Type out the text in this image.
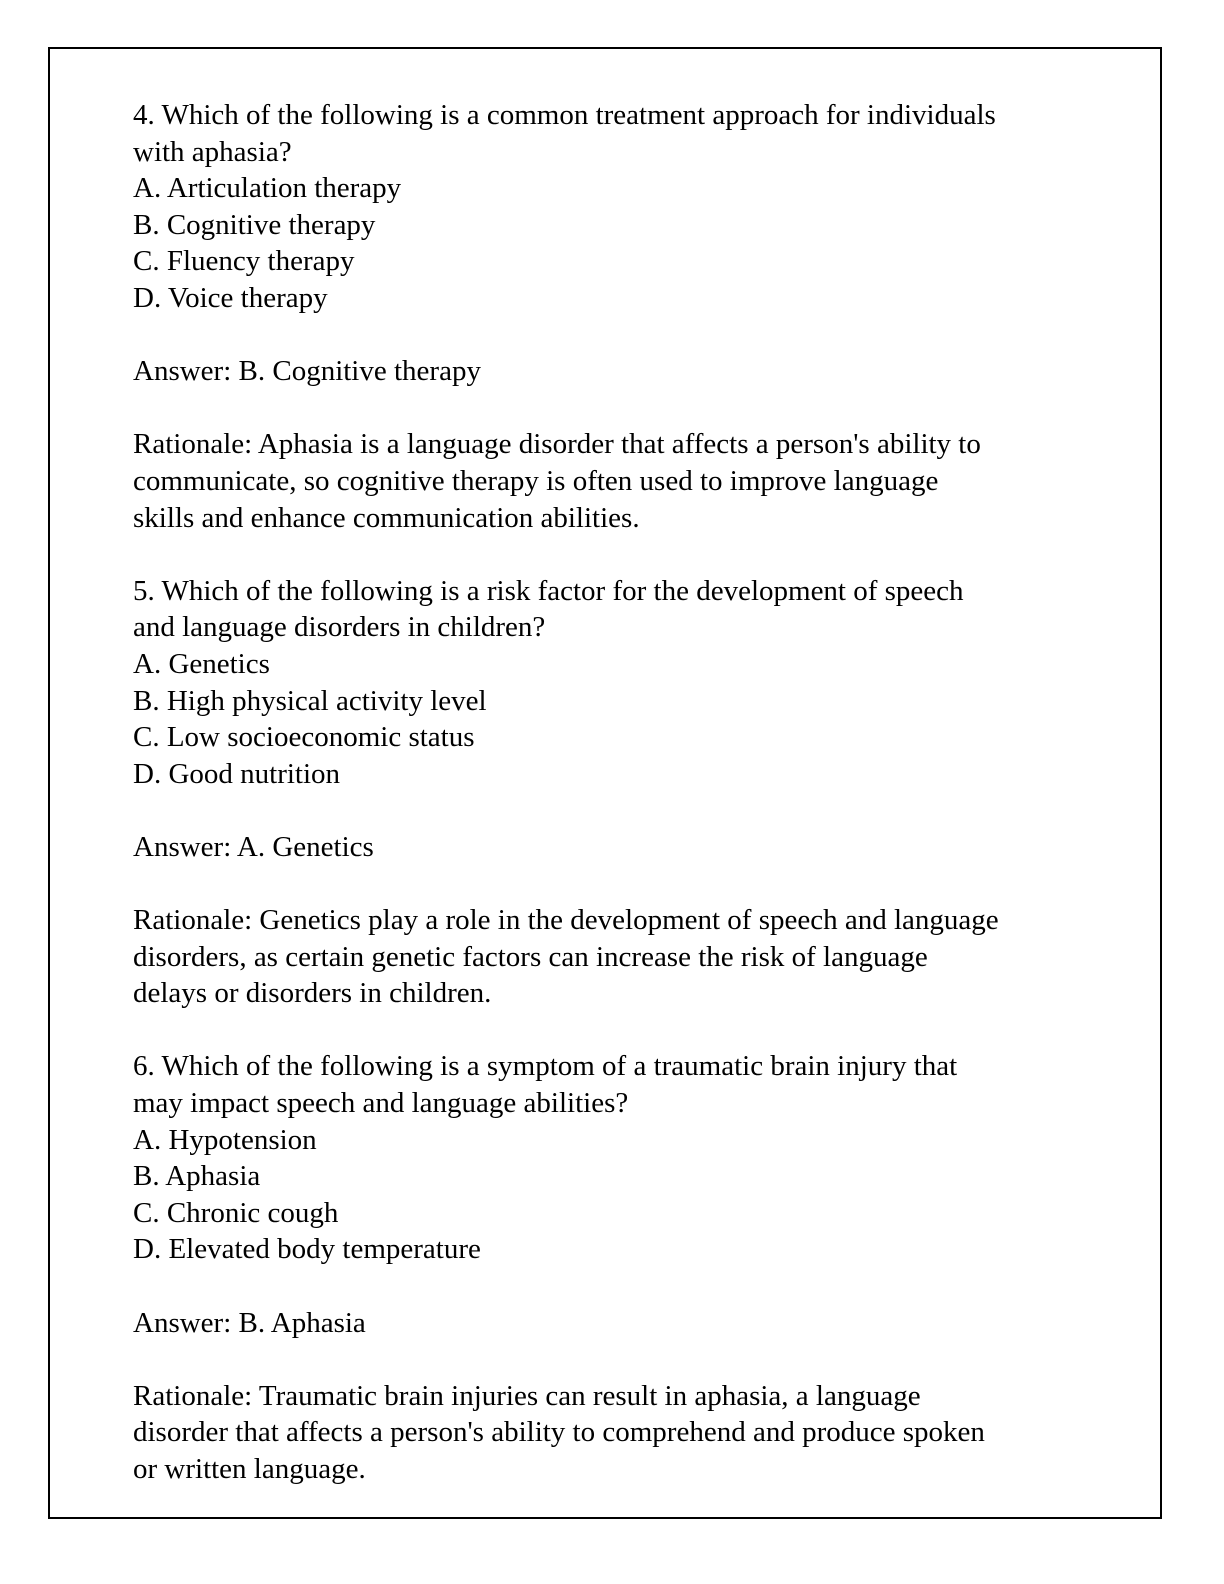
4. Which of the following is a common treatment approach for individuals
with aphasia?
A. Articulation therapy
B. Cognitive therapy
C. Fluency therapy
D. Voice therapy
Answer: B. Cognitive therapy
Rationale: Aphasia is a language disorder that affects a person's ability to
communicate, so cognitive therapy is often used to improve language
skills and enhance communication abilities.
5. Which of the following is a risk factor for the development of speech
and language disorders in children?
A. Genetics
B. High physical activity level
C. Low socioeconomic status
D. Good nutrition
Answer: A. Genetics
Rationale: Genetics play a role in the development of speech and language
disorders, as certain genetic factors can increase the risk of language
delays or disorders in children.
6. Which of the following is a symptom of a traumatic brain injury that
may impact speech and language abilities?
A. Hypotension
B. Aphasia
C. Chronic cough
D. Elevated body temperature
Answer: B. Aphasia
Rationale: Traumatic brain injuries can result in aphasia, a language
disorder that affects a person's ability to comprehend and produce spoken
or written language.
